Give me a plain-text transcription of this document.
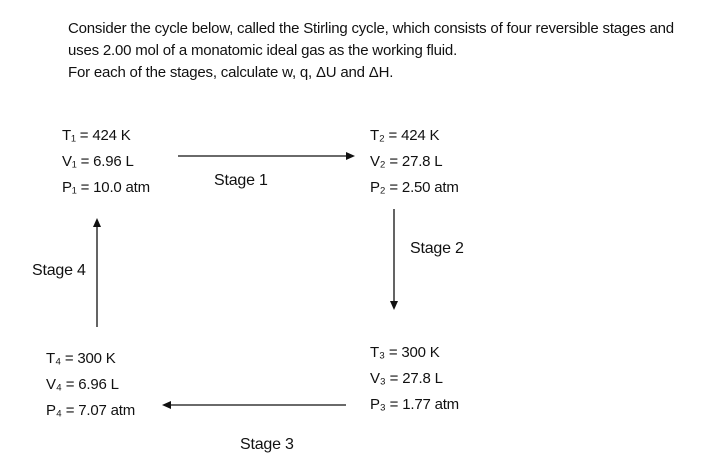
Consider the cycle below, called the Stirling cycle, which consists of four reversible stages and
uses 2.00 mol of a monatomic ideal gas as the working fluid.
For each of the stages, calculate w, q, ΔU and ΔH.
T₁ = 424 K
V₁ = 6.96 L
P₁ = 10.0 atm
T₂ = 424 K
V₂ = 27.8 L
P₂ = 2.50 atm
T₃ = 300 K
V₃ = 27.8 L
P₃ = 1.77 atm
T₄ = 300 K
V₄ = 6.96 L
P₄ = 7.07 atm
Stage 1
Stage 2
Stage 3
Stage 4
